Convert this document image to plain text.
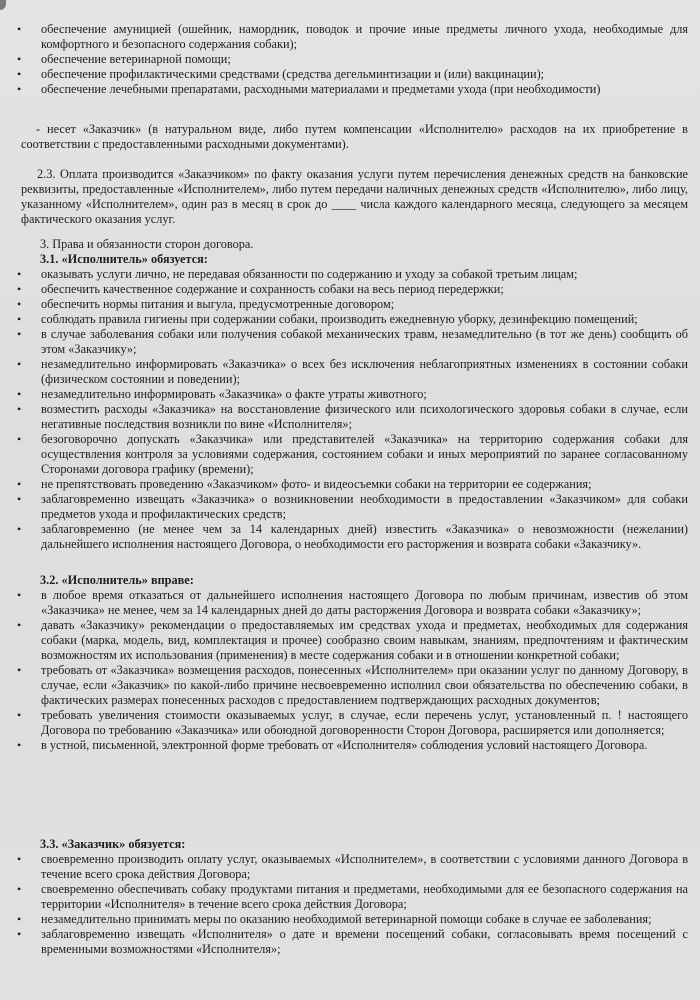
• обеспечение амуницией (ошейник, намордник, поводок и прочие иные предметы личного ухода, необходимые для комфортного и безопасного содержания собаки);
• обеспечение ветеринарной помощи;
• обеспечение профилактическими средствами (средства дегельминтизации и (или) вакцинации);
• обеспечение лечебными препаратами, расходными материалами и предметами ухода (при необходимости)
- несет «Заказчик» (в натуральном виде, либо путем компенсации «Исполнителю» расходов на их приобретение в соответствии с предоставленными расходными документами).
2.3. Оплата производится «Заказчиком» по факту оказания услуги путем перечисления денежных средств на банковские реквизиты, предоставленные «Исполнителем», либо путем передачи наличных денежных средств «Исполнителю», либо лицу, указанному «Исполнителем», один раз в месяц в срок до ____ числа каждого календарного месяца, следующего за месяцем фактического оказания услуг.
3. Права и обязанности сторон договора.
3.1. «Исполнитель» обязуется:
• оказывать услуги лично, не передавая обязанности по содержанию и уходу за собакой третьим лицам;
• обеспечить качественное содержание и сохранность собаки на весь период передержки;
• обеспечить нормы питания и выгула, предусмотренные договором;
• соблюдать правила гигиены при содержании собаки, производить ежедневную уборку, дезинфекцию помещений;
• в случае заболевания собаки или получения собакой механических травм, незамедлительно (в тот же день) сообщить об этом «Заказчику»;
• незамедлительно информировать «Заказчика» о всех без исключения неблагоприятных изменениях в состоянии собаки (физическом состоянии и поведении);
• незамедлительно информировать «Заказчика» о факте утраты животного;
• возместить расходы «Заказчика» на восстановление физического или психологического здоровья собаки в случае, если негативные последствия возникли по вине «Исполнителя»;
• безоговорочно допускать «Заказчика» или представителей «Заказчика» на территорию содержания собаки для осуществления контроля за условиями содержания, состоянием собаки и иных мероприятий по заранее согласованному Сторонами договора графику (времени);
• не препятствовать проведению «Заказчиком» фото- и видеосъемки собаки на территории ее содержания;
• заблаговременно извещать «Заказчика» о возникновении необходимости в предоставлении «Заказчиком» для собаки предметов ухода и профилактических средств;
• заблаговременно (не менее чем за 14 календарных дней) известить «Заказчика» о невозможности (нежелании) дальнейшего исполнения настоящего Договора, о необходимости его расторжения и возврата собаки «Заказчику».
3.2. «Исполнитель» вправе:
• в любое время отказаться от дальнейшего исполнения настоящего Договора по любым причинам, известив об этом «Заказчика» не менее, чем за 14 календарных дней до даты расторжения Договора и возврата собаки «Заказчику»;
• давать «Заказчику» рекомендации о предоставляемых им средствах ухода и предметах, необходимых для содержания собаки (марка, модель, вид, комплектация и прочее) сообразно своим навыкам, знаниям, предпочтениям и фактическим возможностям их использования (применения) в месте содержания собаки и в отношении конкретной собаки;
• требовать от «Заказчика» возмещения расходов, понесенных «Исполнителем» при оказании услуг по данному Договору, в случае, если «Заказчик» по какой-либо причине несвоевременно исполнил свои обязательства по обеспечению собаки, в фактических размерах понесенных расходов с предоставлением подтверждающих расходных документов;
• требовать увеличения стоимости оказываемых услуг, в случае, если перечень услуг, установленный п. ! настоящего Договора по требованию «Заказчика» или обоюдной договоренности Сторон Договора, расширяется или дополняется;
• в устной, письменной, электронной форме требовать от «Исполнителя» соблюдения условий настоящего Договора.
3.3. «Заказчик» обязуется:
• своевременно производить оплату услуг, оказываемых «Исполнителем», в соответствии с условиями данного Договора в течение всего срока действия Договора;
• своевременно обеспечивать собаку продуктами питания и предметами, необходимыми для ее безопасного содержания на территории «Исполнителя» в течение всего срока действия Договора;
• незамедлительно принимать меры по оказанию необходимой ветеринарной помощи собаке в случае ее заболевания;
• заблаговременно извещать «Исполнителя» о дате и времени посещений собаки, согласовывать время посещений с временными возможностями «Исполнителя»;
